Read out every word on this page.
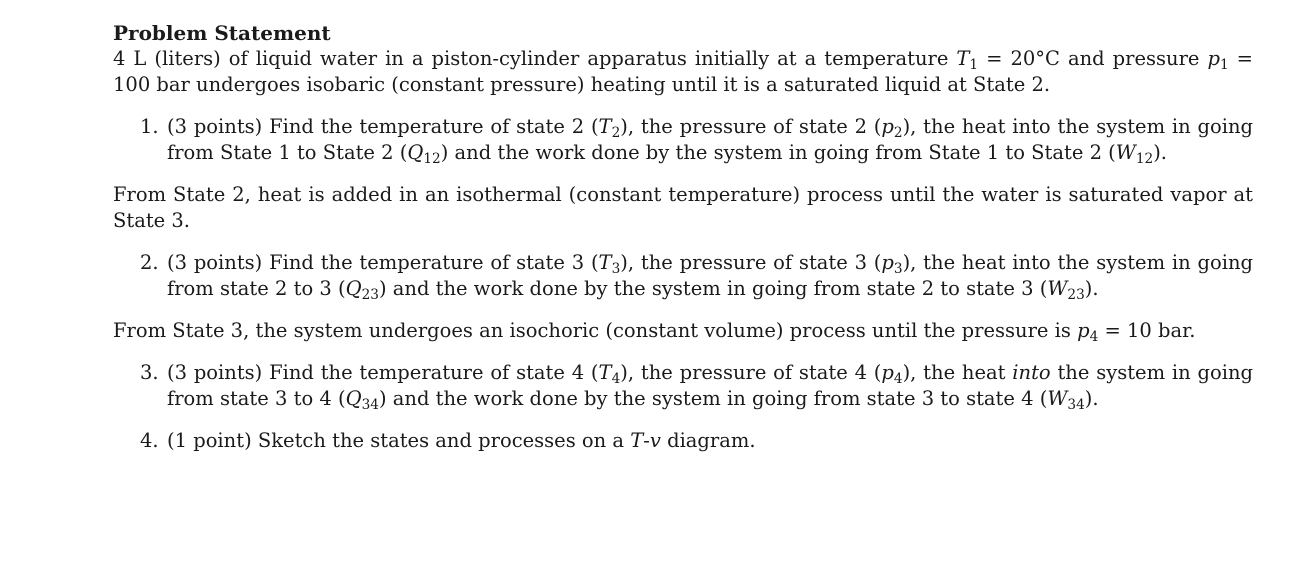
Problem Statement

4 L (liters) of liquid water in a piston-cylinder apparatus initially at a temperature $T_1 = 20^\circ C$ and pressure $p_1 = 100$ bar undergoes isobaric (constant pressure) heating until it is a saturated liquid at State 2.

1. (3 points) Find the temperature of state 2 $(T_2)$, the pressure of state 2 $(p_2)$, the heat into the system in going from State 1 to State 2 $(Q_{12})$ and the work done by the system in going from State 1 to State 2 $(W_{12})$.

From State 2, heat is added in an isothermal (constant temperature) process until the water is saturated vapor at State 3.

2. (3 points) Find the temperature of state 3 $(T_3)$, the pressure of state 3 $(p_3)$, the heat into the system in going from state 2 to 3 $(Q_{23})$ and the work done by the system in going from state 2 to state 3 $(W_{23})$.

From State 3, the system undergoes an isochoric (constant volume) process until the pressure is $p_4 = 10$ bar.

3. (3 points) Find the temperature of state 4 $(T_4)$, the pressure of state 4 $(p_4)$, the heat into the system in going from state 3 to 4 $(Q_{34})$ and the work done by the system in going from state 3 to state 4 $(W_{34})$.
4. (1 point) Sketch the states and processes on a T-v diagram.
